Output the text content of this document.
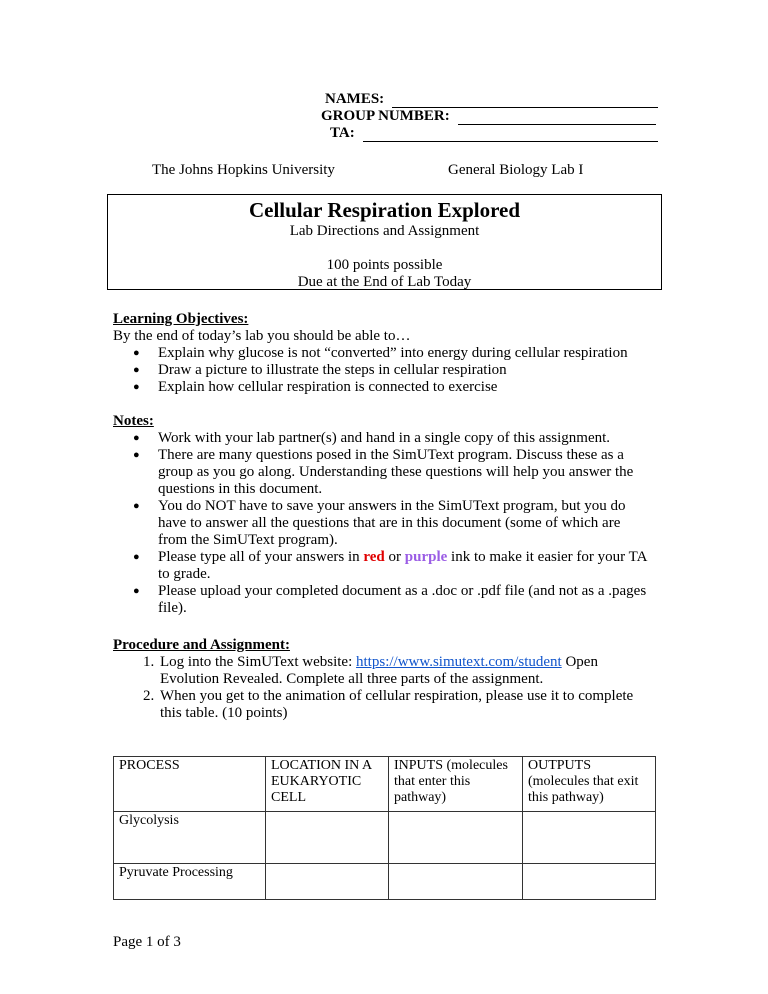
NAMES:
GROUP NUMBER:
TA:
The Johns Hopkins University	General Biology Lab I
Cellular Respiration Explored
Lab Directions and Assignment
100 points possible
Due at the End of Lab Today
Learning Objectives:
By the end of today’s lab you should be able to…
● Explain why glucose is not “converted” into energy during cellular respiration
● Draw a picture to illustrate the steps in cellular respiration
● Explain how cellular respiration is connected to exercise
Notes:
● Work with your lab partner(s) and hand in a single copy of this assignment.
● There are many questions posed in the SimUText program. Discuss these as a group as you go along. Understanding these questions will help you answer the questions in this document.
● You do NOT have to save your answers in the SimUText program, but you do have to answer all the questions that are in this document (some of which are from the SimUText program).
● Please type all of your answers in red or purple ink to make it easier for your TA to grade.
● Please upload your completed document as a .doc or .pdf file (and not as a .pages file).
Procedure and Assignment:
1. Log into the SimUText website: https://www.simutext.com/student Open Evolution Revealed. Complete all three parts of the assignment.
2. When you get to the animation of cellular respiration, please use it to complete this table. (10 points)
PROCESS	LOCATION IN A EUKARYOTIC CELL	INPUTS (molecules that enter this pathway)	OUTPUTS (molecules that exit this pathway)
Glycolysis			
Pyruvate Processing			
Page 1 of 3
